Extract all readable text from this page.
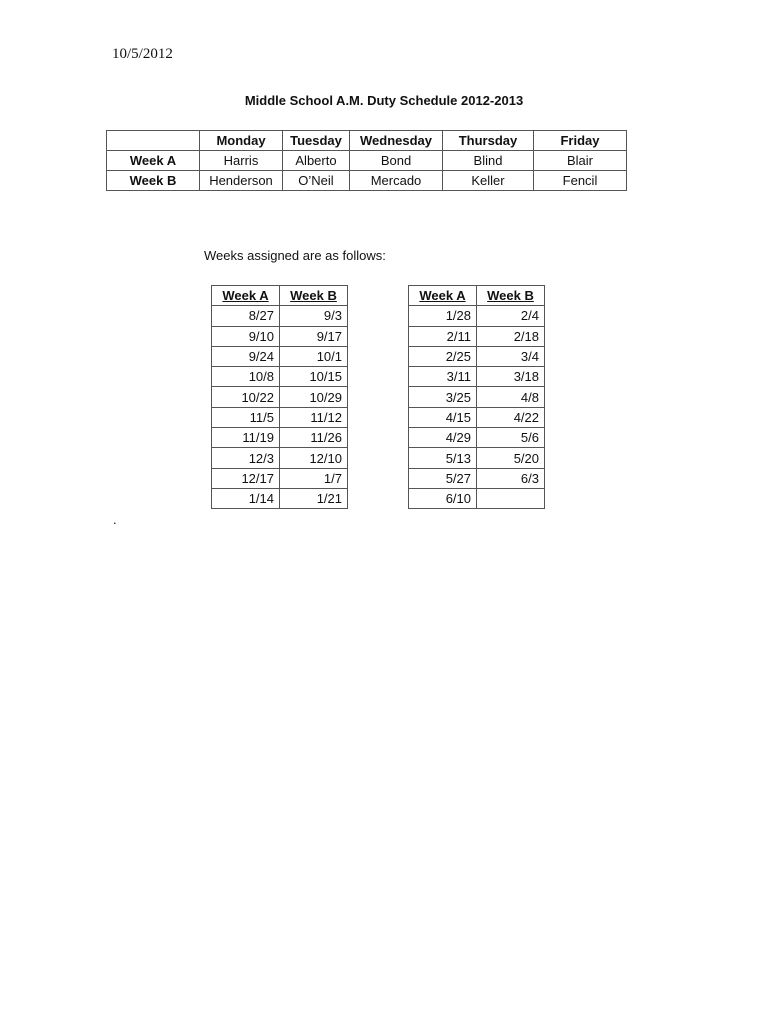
10/5/2012
Middle School A.M. Duty Schedule 2012-2013
	Monday	Tuesday	Wednesday	Thursday	Friday
Week A	Harris	Alberto	Bond	Blind	Blair
Week B	Henderson	O’Neil	Mercado	Keller	Fencil
Weeks assigned are as follows:
Week A	Week B
8/27	9/3
9/10	9/17
9/24	10/1
10/8	10/15
10/22	10/29
11/5	11/12
11/19	11/26
12/3	12/10
12/17	1/7
1/14	1/21
Week A	Week B
1/28	2/4
2/11	2/18
2/25	3/4
3/11	3/18
3/25	4/8
4/15	4/22
4/29	5/6
5/13	5/20
5/27	6/3
6/10	
.
